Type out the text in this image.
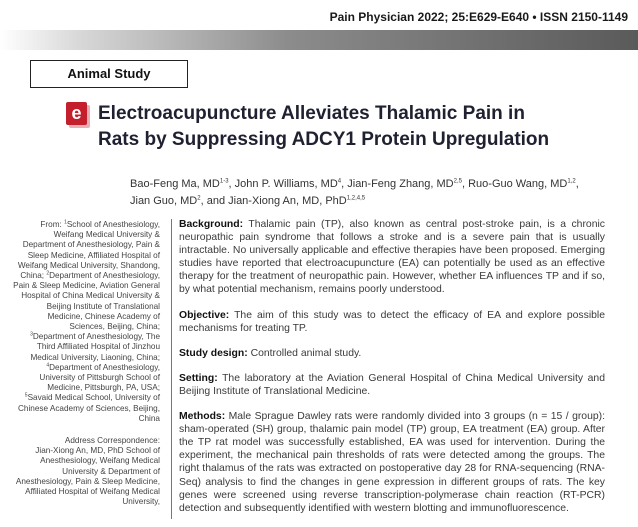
Pain Physician 2022; 25:E629-E640 • ISSN 2150-1149
Animal Study
e Electroacupuncture Alleviates Thalamic Pain in
Rats by Suppressing ADCY1 Protein Upregulation
Bao-Feng Ma, MD$^{1-3}$, John P. Williams, $MD^4$, Jian-Feng Zhang, MD$^{2,5}$, Ruo-Guo Wang, MD$^{1,2}$,
Jian Guo, $MD^2$, and Jian-Xiong An, MD, PhD$^{1,2,4,5}$

From: $^1$School of Anesthesiology, Weifang Medical University & Department of Anesthesiology, Pain & Sleep Medicine, Affiliated Hospital of Weifang Medical University, Shandong, China; $^2$Department of Anesthesiology, Pain & Sleep Medicine, Aviation General Hospital of China Medical University & Beijing Institute of Translational Medicine, Chinese Academy of Sciences, Beijing, China;
$^3$Department of Anesthesiology, The Third Affiliated Hospital of Jinzhou Medical University, Liaoning, China;
$^4$Department of Anesthesiology, University of Pittsburgh School of Medicine, Pittsburgh, PA, USA;
$^5$Savaid Medical School, University of Chinese Academy of Sciences, Beijing, China

Address Correspondence:

Jian-Xiong An, MD, PhD School of Anesthesiology, Weifang Medical University & Department of Anesthesiology, Pain & Sleep Medicine, Affiliated Hospital of Weifang Medical University,

Background: Thalamic pain (TP), also known as central post-stroke pain, is a chronic neuropathic pain syndrome that follows a stroke and is a severe pain that is usually intractable. No universally applicable and effective therapies have been proposed. Emerging studies have reported that electroacupuncture (EA) can potentially be used as an effective therapy for the treatment of neuropathic pain. However, whether EA influences TP and if so, by what potential mechanism, remains poorly understood.

Objective: The aim of this study was to detect the efficacy of EA and explore possible mechanisms for treating TP.

Study design: Controlled animal study.

Setting: The laboratory at the Aviation General Hospital of China Medical University and Beijing Institute of Translational Medicine.

Methods: Male Sprague Dawley rats were randomly divided into 3 groups (n = 15 / group): sham-operated (SH) group, thalamic pain model (TP) group, EA treatment (EA) group. After the TP rat model was successfully established, EA was used for intervention. During the experiment, the mechanical pain thresholds of rats were detected among the groups. The right thalamus of the rats was extracted on postoperative day 28 for RNA-sequencing (RNA-Seq) analysis to find the changes in gene expression in different groups of rats. The key genes were screened using reverse transcription-polymerase chain reaction (RT-PCR) detection and subsequently identified with western blotting and immunofluorescence.
